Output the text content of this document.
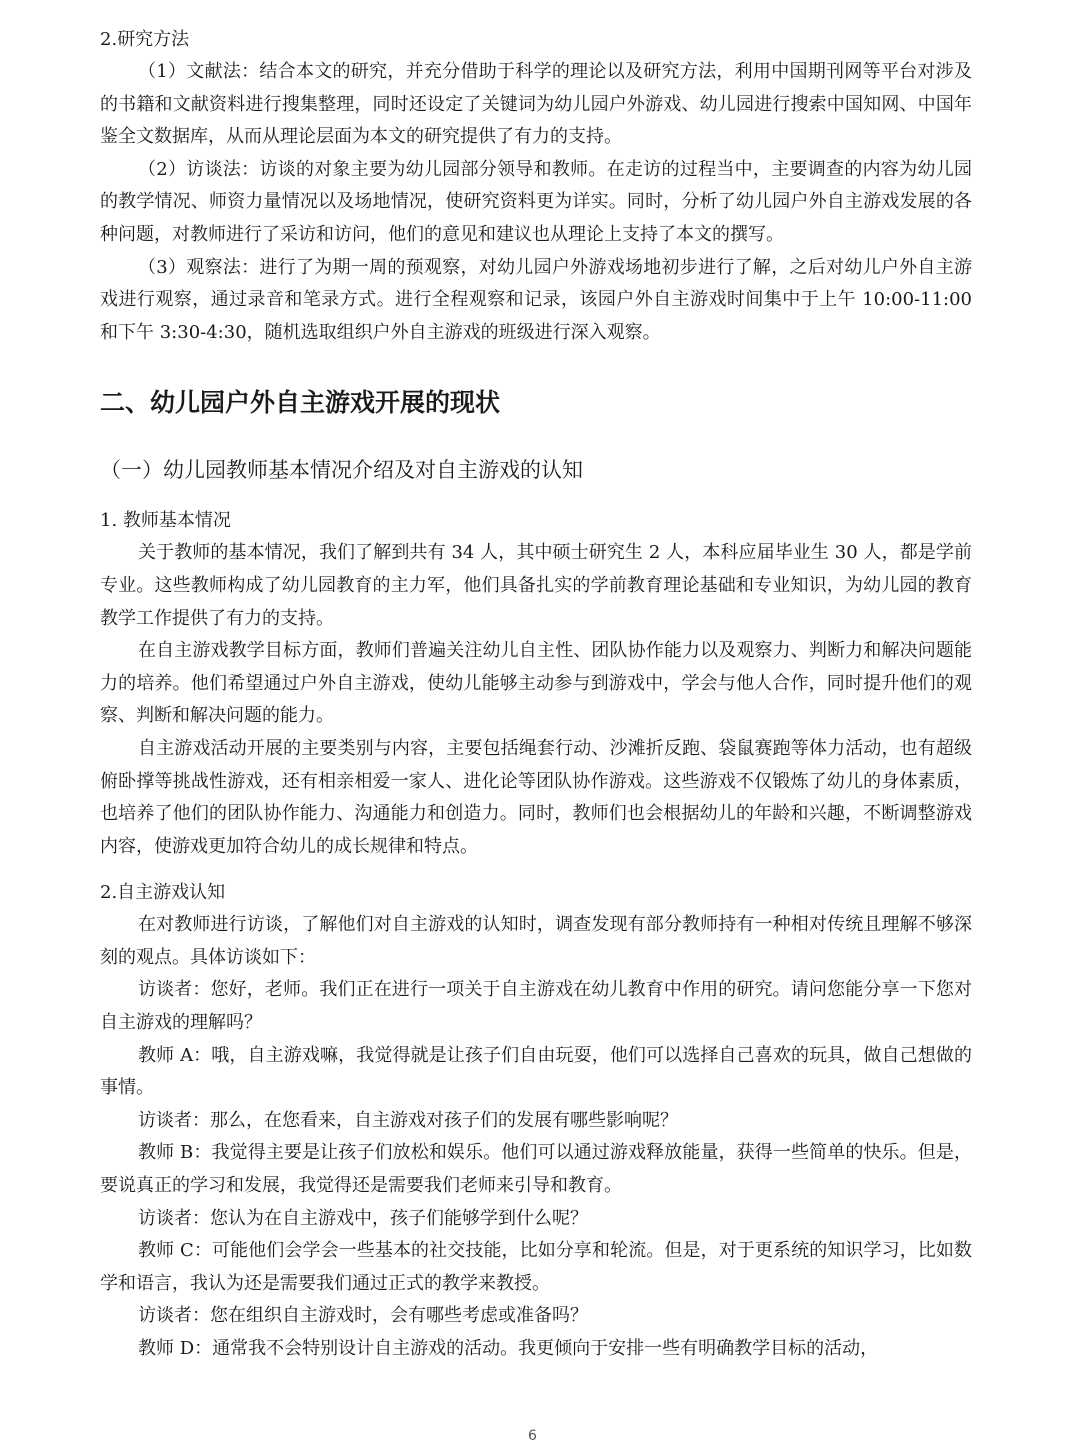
2.研究方法

（1）文献法：结合本文的研究，并充分借助于科学的理论以及研究方法，利用中国期刊网等平台对涉及的书籍和文献资料进行搜集整理，同时还设定了关键词为幼儿园户外游戏、幼儿园进行搜索中国知网、中国年鉴全文数据库，从而从理论层面为本文的研究提供了有力的支持。

（2）访谈法：访谈的对象主要为幼儿园部分领导和教师。在走访的过程当中，主要调查的内容为幼儿园的教学情况、师资力量情况以及场地情况，使研究资料更为详实。同时，分析了幼儿园户外自主游戏发展的各种问题，对教师进行了采访和访问，他们的意见和建议也从理论上支持了本文的撰写。

（3）观察法：进行了为期一周的预观察，对幼儿园户外游戏场地初步进行了解，之后对幼儿户外自主游戏进行观察，通过录音和笔录方式。进行全程观察和记录，该园户外自主游戏时间集中于上午 10:00-11:00 和下午 3:30-4:30，随机选取组织户外自主游戏的班级进行深入观察。

二、幼儿园户外自主游戏开展的现状
（一）幼儿园教师基本情况介绍及对自主游戏的认知

1. 教师基本情况

关于教师的基本情况，我们了解到共有 34 人，其中硕士研究生 2 人，本科应届毕业生 30 人，都是学前专业。这些教师构成了幼儿园教育的主力军，他们具备扎实的学前教育理论基础和专业知识，为幼儿园的教育教学工作提供了有力的支持。

在自主游戏教学目标方面，教师们普遍关注幼儿自主性、团队协作能力以及观察力、判断力和解决问题能力的培养。他们希望通过户外自主游戏，使幼儿能够主动参与到游戏中，学会与他人合作，同时提升他们的观察、判断和解决问题的能力。

自主游戏活动开展的主要类别与内容，主要包括绳套行动、沙滩折反跑、袋鼠赛跑等体力活动，也有超级俯卧撑等挑战性游戏，还有相亲相爱一家人、进化论等团队协作游戏。这些游戏不仅锻炼了幼儿的身体素质，也培养了他们的团队协作能力、沟通能力和创造力。同时，教师们也会根据幼儿的年龄和兴趣，不断调整游戏内容，使游戏更加符合幼儿的成长规律和特点。

2.自主游戏认知

在对教师进行访谈，了解他们对自主游戏的认知时，调查发现有部分教师持有一种相对传统且理解不够深刻的观点。具体访谈如下：

访谈者：您好，老师。我们正在进行一项关于自主游戏在幼儿教育中作用的研究。请问您能分享一下您对自主游戏的理解吗？

教师 A：哦，自主游戏嘛，我觉得就是让孩子们自由玩耍，他们可以选择自己喜欢的玩具，做自己想做的事情。

访谈者：那么，在您看来，自主游戏对孩子们的发展有哪些影响呢？

教师 B：我觉得主要是让孩子们放松和娱乐。他们可以通过游戏释放能量，获得一些简单的快乐。但是，要说真正的学习和发展，我觉得还是需要我们老师来引导和教育。

访谈者：您认为在自主游戏中，孩子们能够学到什么呢？

教师 C：可能他们会学会一些基本的社交技能，比如分享和轮流。但是，对于更系统的知识学习，比如数学和语言，我认为还是需要我们通过正式的教学来教授。

访谈者：您在组织自主游戏时，会有哪些考虑或准备吗？

教师 D：通常我不会特别设计自主游戏的活动。我更倾向于安排一些有明确教学目标的活动，

6
